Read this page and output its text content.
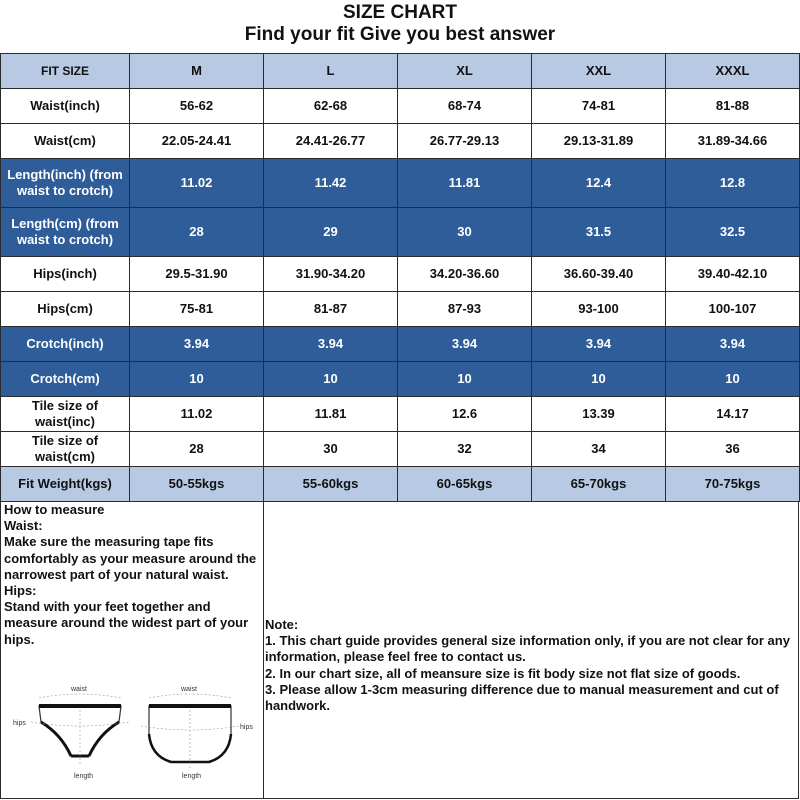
SIZE CHART
Find your fit Give you best answer
FIT SIZE	M	L	XL	XXL	XXXL
Waist(inch)	56-62	62-68	68-74	74-81	81-88
Waist(cm)	22.05-24.41	24.41-26.77	26.77-29.13	29.13-31.89	31.89-34.66
Length(inch) (from waist to crotch)	11.02	11.42	11.81	12.4	12.8
Length(cm) (from waist to crotch)	28	29	30	31.5	32.5
Hips(inch)	29.5-31.90	31.90-34.20	34.20-36.60	36.60-39.40	39.40-42.10
Hips(cm)	75-81	81-87	87-93	93-100	100-107
Crotch(inch)	3.94	3.94	3.94	3.94	3.94
Crotch(cm)	10	10	10	10	10
Tile size of waist(inc)	11.02	11.81	12.6	13.39	14.17
Tile size of waist(cm)	28	30	32	34	36
Fit Weight(kgs)	50-55kgs	55-60kgs	60-65kgs	65-70kgs	70-75kgs
How to measure
Waist:
Make sure the measuring tape fits comfortably as your measure around the narrowest part of your natural waist.
Hips:
Stand with your feet together and measure around the widest part of your hips.
waist	waist
hips
hips
length	length
Note:
1. This chart guide provides general size information only, if you are not clear for any information, please feel free to contact us.
2. In our chart size, all of meansure size is fit body size not flat size of goods.
3. Please allow 1-3cm measuring difference due to manual measurement and cut of handwork.
